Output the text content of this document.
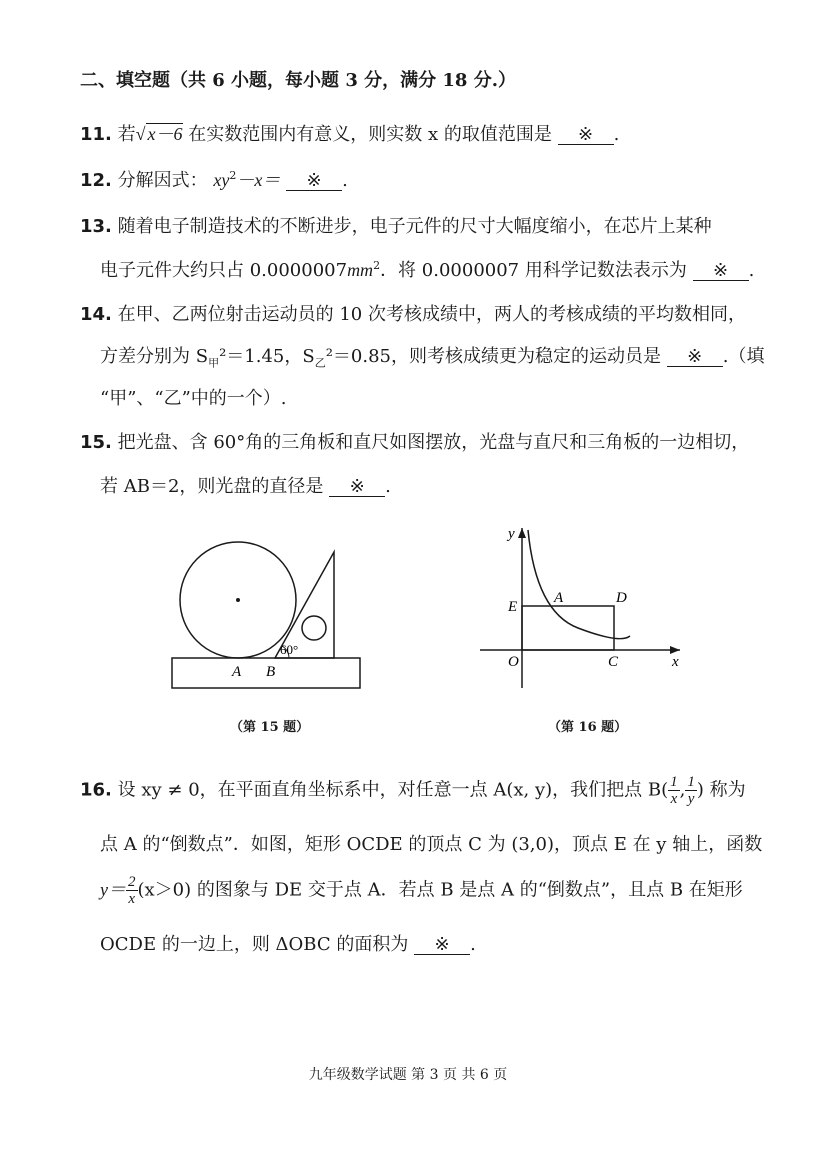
二、填空题（共 6 小题，每小题 3 分，满分 18 分.）
11. 若√ x－6 在实数范围内有意义，则实数 x 的取值范围是 ※ .
12. 分解因式： $xy^2-x=$ ※ .
13. 随着电子制造技术的不断进步，电子元件的尺寸大幅度缩小，在芯片上某种
电子元件大约只占 $0.0000007mm^2$．将 0.0000007 用科学记数法表示为 ※ .
14. 在甲、乙两位射击运动员的 10 次考核成绩中，两人的考核成绩的平均数相同，
方差分别为 $S_甲^2=1.45$，$S_乙^2=0.85$，则考核成绩更为稳定的运动员是 ※ .（填
“甲”、“乙”中的一个）.
15. 把光盘、含 60°角的三角板和直尺如图摆放，光盘与直尺和三角板的一边相切，
若 AB＝2，则光盘的直径是 ※ .
60°
A B
（第 15 题）
y
x
O
E
A	D
C
（第 16 题）
16. 设 xy ≠ 0，在平面直角坐标系中，对任意一点 A(x, y)，我们把点 $B( \frac{1}{x}$ , $\frac{1}{y}$ ) 称为
点 A 的“倒数点”．如图，矩形 OCDE 的顶点 C 为 (3,0)，顶点 E 在 y 轴上，函数
$y= \frac{2}{x} (x>0)$ 的图象与 DE 交于点 A．若点 B 是点 A 的“倒数点”，且点 B 在矩形
OCDE 的一边上，则 ΔOBC 的面积为 ※ .
九年级数学试题 第 3 页 共 6 页
